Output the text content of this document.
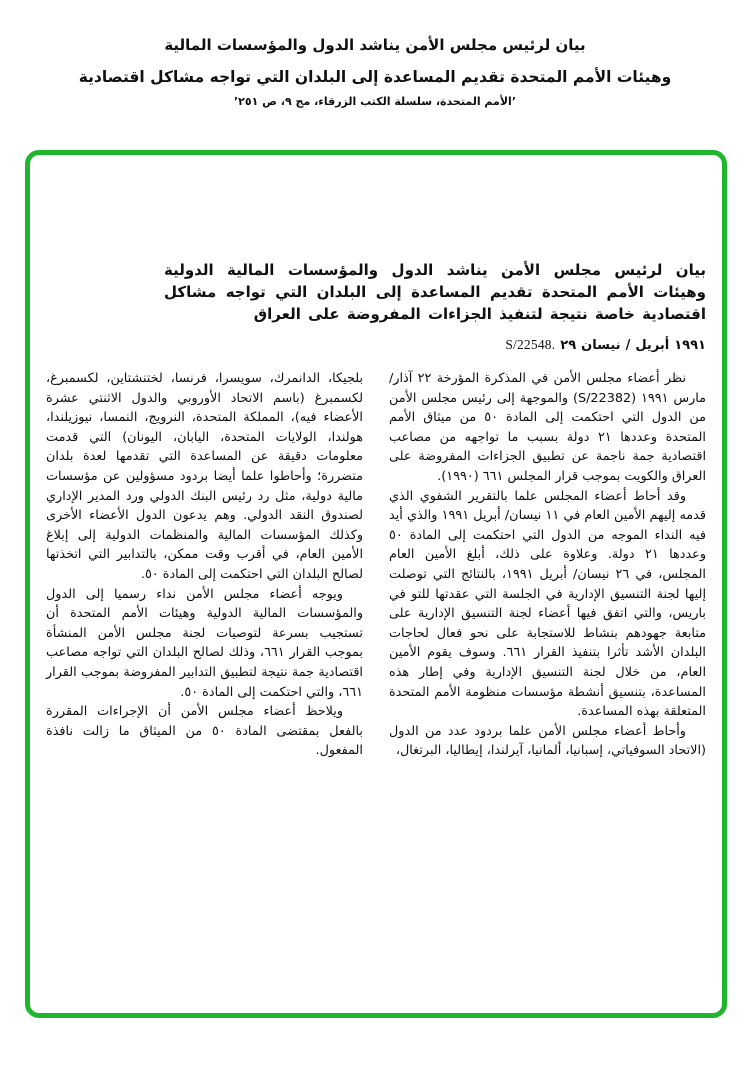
بيان لرئيس مجلس الأمن يناشد الدول والمؤسسات المالية
وهيئات الأمم المتحدة تقديم المساعدة إلى البلدان التي تواجه مشاكل اقتصادية
’الأمم المتحدة، سلسلة الكتب الزرقاء، مج ٩، ص ٢٥١’
بيان لرئيس مجلس الأمن يناشد الدول والمؤسسات المالية الدولية وهيئات الأمم المتحدة تقديم المساعدة إلى البلدان التي تواجه مشاكل اقتصادية خاصة نتيجة لتنفيذ الجزاءات المفروضة على العراق
S/22548. ٢٩ نيسان / أبريل ١٩٩١

نظر أعضاء مجلس الأمن في المذكرة المؤرخة ٢٢ آذار/ مارس ١٩٩١ (S/22382) والموجهة إلى رئيس مجلس الأمن من الدول التي احتكمت إلى المادة ٥٠ من ميثاق الأمم المتحدة وعددها ٢١ دولة بسبب ما تواجهه من مصاعب اقتصادية جمة ناجمة عن تطبيق الجزاءات المفروضة على العراق والكويت بموجب قرار المجلس ٦٦١ (١٩٩٠).

وقد أحاط أعضاء المجلس علما بالتقرير الشفوي الذي قدمه إليهم الأمين العام في ١١ نيسان/ أبريل ١٩٩١ والذي أيد فيه النداء الموجه من الدول التي احتكمت إلى المادة ٥٠ وعددها ٢١ دولة. وعلاوة على ذلك، أبلغ الأمين العام المجلس، في ٢٦ نيسان/ أبريل ١٩٩١، بالنتائج التي توصلت إليها لجنة التنسيق الإدارية في الجلسة التي عقدتها للتو في باريس، والتي اتفق فيها أعضاء لجنة التنسيق الإدارية على متابعة جهودهم بنشاط للاستجابة على نحو فعال لحاجات البلدان الأشد تأثرا بتنفيذ القرار ٦٦١. وسوف يقوم الأمين العام، من خلال لجنة التنسيق الإدارية وفي إطار هذه المساعدة، بتنسيق أنشطة مؤسسات منظومة الأمم المتحدة المتعلقة بهذه المساعدة.

وأحاط أعضاء مجلس الأمن علما بردود عدد من الدول (الاتحاد السوفياتي، إسبانيا، ألمانيا، آيرلندا، إيطاليا، البرتغال،

بلجيكا، الدانمرك، سويسرا، فرنسا، لختنشتاين، لكسمبرغ، لكسمبرغ (باسم الاتحاد الأوروبي والدول الاثنتي عشرة الأعضاء فيه)، المملكة المتحدة، النرويج، النمسا، نيوزيلندا، هولندا، الولايات المتحدة، اليابان، اليونان) التي قدمت معلومات دقيقة عن المساعدة التي تقدمها لعدة بلدان متضررة؛ وأحاطوا علما أيضا بردود مسؤولين عن مؤسسات مالية دولية، مثل رد رئيس البنك الدولي ورد المدير الإداري لصندوق النقد الدولي. وهم يدعون الدول الأعضاء الأخرى وكذلك المؤسسات المالية والمنظمات الدولية إلى إبلاغ الأمين العام، في أقرب وقت ممكن، بالتدابير التي اتخذتها لصالح البلدان التي احتكمت إلى المادة ٥٠.

ويوجه أعضاء مجلس الأمن نداء رسميا إلى الدول والمؤسسات المالية الدولية وهيئات الأمم المتحدة أن تستجيب بسرعة لتوصيات لجنة مجلس الأمن المنشأة بموجب القرار ٦٦١، وذلك لصالح البلدان التي تواجه مصاعب اقتصادية جمة نتيجة لتطبيق التدابير المفروضة بموجب القرار ٦٦١، والتي احتكمت إلى المادة ٥٠.

ويلاحظ أعضاء مجلس الأمن أن الإجراءات المقررة بالفعل بمقتضى المادة ٥٠ من الميثاق ما زالت نافذة المفعول.
